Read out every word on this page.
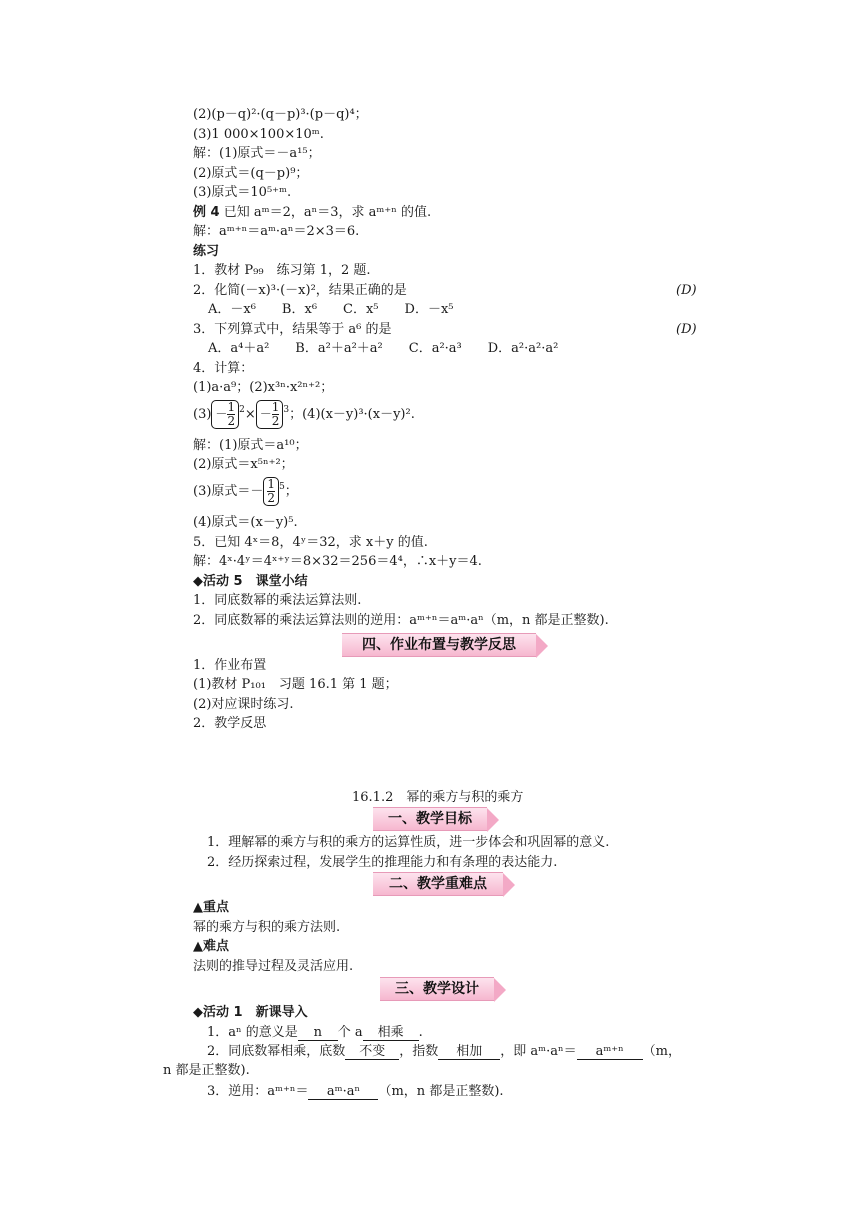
(2)(p－q)²·(q－p)³·(p－q)⁴；
(3)1 000×100×10ᵐ.
解：(1)原式＝－a¹⁵；
(2)原式＝(q－p)⁹；
(3)原式＝10⁵⁺ᵐ.
例 4 已知 aᵐ＝2，aⁿ＝3，求 aᵐ⁺ⁿ 的值.
解：aᵐ⁺ⁿ＝aᵐ·aⁿ＝2×3＝6.
练习
1．教材 P₉₉　练习第 1，2 题.
2．化简(－x)³·(－x)²，结果正确的是	(D)
A．－x⁶　　B．x⁶　　C．x⁵　　D．－x⁵
3．下列算式中，结果等于 a⁶ 的是	(D)
A．a⁴＋a²　　B．a²＋a²＋a²　　C．a²·a³　　D．a²·a²·a²
4．计算：
(1)a·a⁹；(2)x³ⁿ·x²ⁿ⁺²；
$(3) - \frac{1}{2} ^2\times - \frac{1}{2} ^3$；(4)(x－y)³·(x－y)².
解：(1)原式＝a¹⁰；
(2)原式＝x⁵ⁿ⁺²；
(3)原式＝－ $\frac{1}{2} ^5$；
(4)原式＝(x－y)⁵.
5．已知 4ˣ＝8，4ʸ＝32，求 x＋y 的值.
解：4ˣ·4ʸ＝4ˣ⁺ʸ＝8×32＝256＝4⁴，∴x＋y＝4.
◆活动 5　课堂小结
1．同底数幂的乘法运算法则.
2．同底数幂的乘法运算法则的逆用：aᵐ⁺ⁿ＝aᵐ·aⁿ（m，n 都是正整数).
四、作业布置与教学反思
1．作业布置
(1)教材 P₁₀₁　习题 16.1 第 1 题；
(2)对应课时练习.
2．教学反思
16.1.2　幂的乘方与积的乘方
一、教学目标
1．理解幂的乘方与积的乘方的运算性质，进一步体会和巩固幂的意义.
2．经历探索过程，发展学生的推理能力和有条理的表达能力.
二、教学重难点
▲重点
幂的乘方与积的乘方法则.
▲难点
法则的推导过程及灵活应用.
三、教学设计
◆活动 1　新课导入
1．aⁿ 的意义是 n 个 a 相乘 .
2．同底数幂相乘，底数 不变 ，指数 相加 ，即 aᵐ·aⁿ＝ aᵐ⁺ⁿ （m，
n 都是正整数).
3．逆用：aᵐ⁺ⁿ＝ aᵐ·aⁿ （m，n 都是正整数).
